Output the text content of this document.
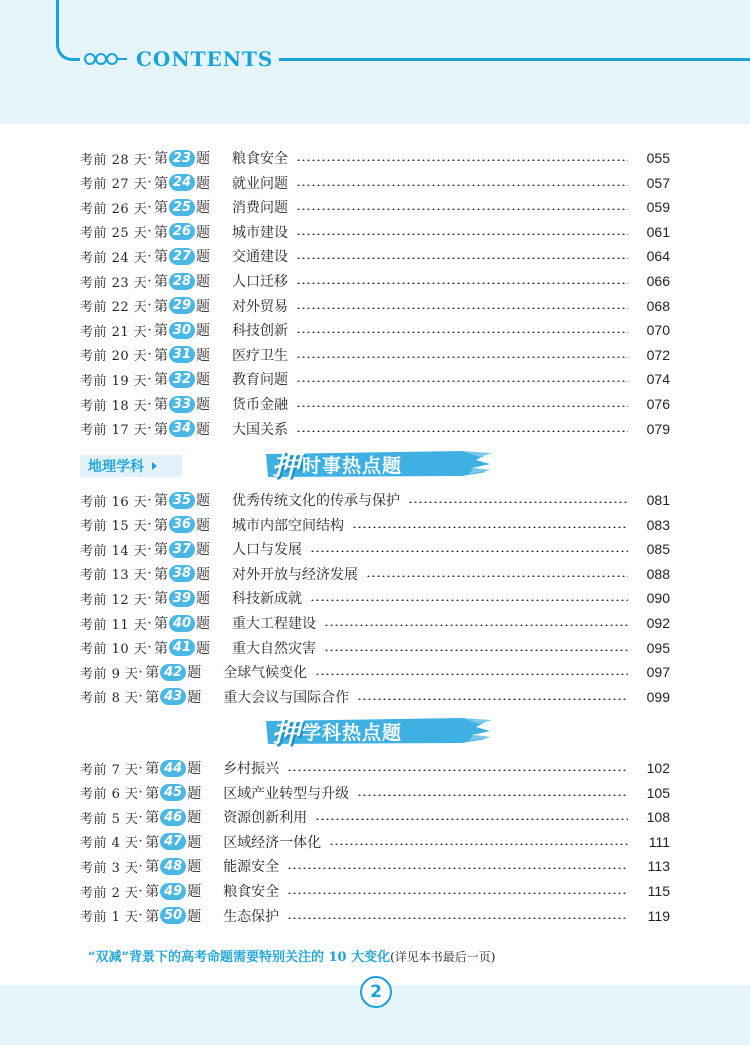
CONTENTS
考前 28 天 · 第 23 题 粮食安全	055
考前 27 天 · 第 24 题 就业问题	057
考前 26 天 · 第 25 题 消费问题	059
考前 25 天 · 第 26 题 城市建设	061
考前 24 天 · 第 27 题 交通建设	064
考前 23 天 · 第 28 题 人口迁移	066
考前 22 天 · 第 29 题 对外贸易	068
考前 21 天 · 第 30 题 科技创新	070
考前 20 天 · 第 31 题 医疗卫生	072
考前 19 天 · 第 32 题 教育问题	074
考前 18 天 · 第 33 题 货币金融	076
考前 17 天 · 第 34 题 大国关系	079
地理学科	押 时事热点题
考前 16 天 · 第 35 题 优秀传统文化的传承与保护	081
考前 15 天 · 第 36 题 城市内部空间结构	083
考前 14 天 · 第 37 题 人口与发展	085
考前 13 天 · 第 38 题 对外开放与经济发展	088
考前 12 天 · 第 39 题 科技新成就	090
考前 11 天 · 第 40 题 重大工程建设	092
考前 10 天 · 第 41 题 重大自然灾害	095
考前 9 天 · 第 42 题 全球气候变化	097
考前 8 天 · 第 43 题 重大会议与国际合作	099
押 学科热点题
考前 7 天 · 第 44 题 乡村振兴	102
考前 6 天 · 第 45 题 区域产业转型与升级	105
考前 5 天 · 第 46 题 资源创新利用	108
考前 4 天 · 第 47 题 区域经济一体化	111
考前 3 天 · 第 48 题 能源安全	113
考前 2 天 · 第 49 题 粮食安全	115
考前 1 天 · 第 50 题 生态保护	119
“双减”背景下的高考命题需要特别关注的 10 大变化(详见本书最后一页)
2
